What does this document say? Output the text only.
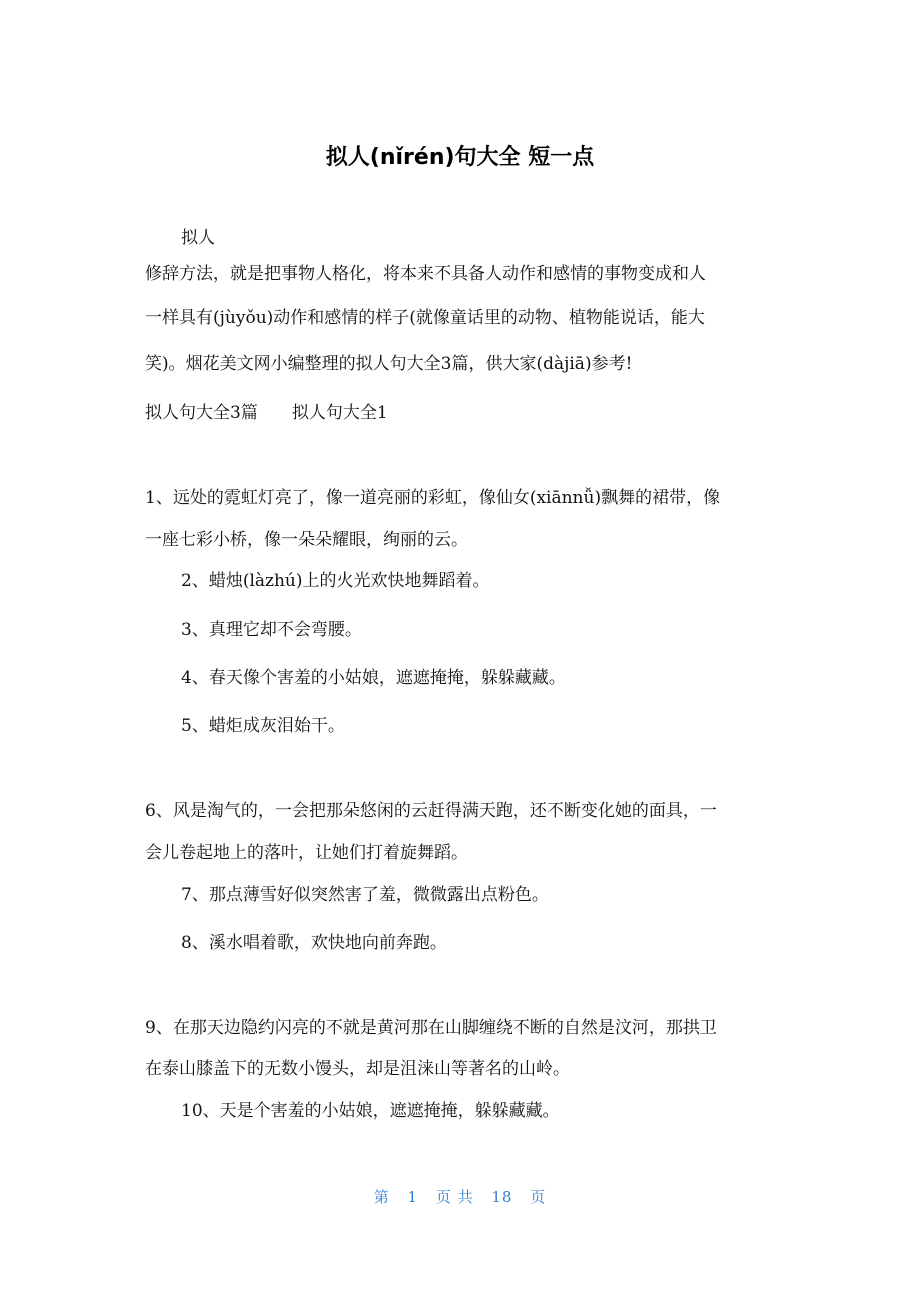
拟人(nǐrén)句大全 短一点
拟人
修辞方法，就是把事物人格化，将本来不具备人动作和感情的事物变成和人
一样具有(jùyǒu)动作和感情的样子(就像童话里的动物、植物能说话，能大
笑)。烟花美文网小编整理的拟人句大全3篇，供大家(dàjiā)参考!
拟人句大全3篇　　拟人句大全1
1、远处的霓虹灯亮了，像一道亮丽的彩虹，像仙女(xiānnǚ)飘舞的裙带，像
一座七彩小桥，像一朵朵耀眼，绚丽的云。
2、蜡烛(làzhú)上的火光欢快地舞蹈着。
3、真理它却不会弯腰。
4、春天像个害羞的小姑娘，遮遮掩掩，躲躲藏藏。
5、蜡炬成灰泪始干。
6、风是淘气的，一会把那朵悠闲的云赶得满天跑，还不断变化她的面具，一
会儿卷起地上的落叶，让她们打着旋舞蹈。
7、那点薄雪好似突然害了羞，微微露出点粉色。
8、溪水唱着歌，欢快地向前奔跑。
9、在那天边隐约闪亮的不就是黄河那在山脚缠绕不断的自然是汶河，那拱卫
在泰山膝盖下的无数小馒头，却是沮涞山等著名的山岭。
10、天是个害羞的小姑娘，遮遮掩掩，躲躲藏藏。
第 1 页 共 18 页
